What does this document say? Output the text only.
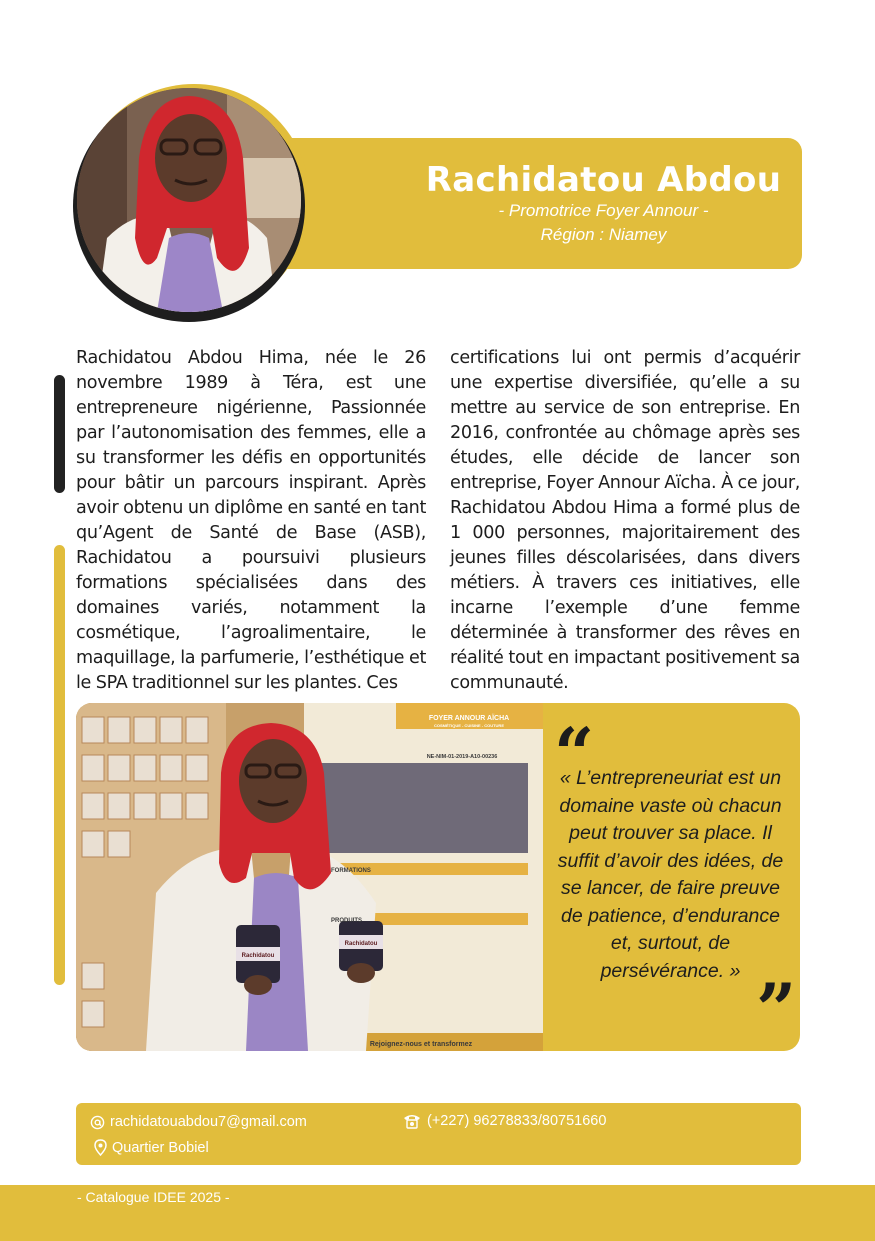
Rachidatou Abdou
- Promotrice Foyer Annour -
Région : Niamey
Rachidatou Abdou Hima, née le 26 novembre 1989 à Téra, est une entrepreneure nigérienne, Passionnée par l’autonomisation des femmes, elle a su transformer les défis en opportunités pour bâtir un parcours inspirant. Après avoir obtenu un diplôme en santé en tant qu’Agent de Santé de Base (ASB), Rachidatou a poursuivi plusieurs formations spécialisées dans des domaines variés, notamment la cosmétique, l’agroalimentaire, le maquillage, la parfumerie, l’esthétique et le SPA traditionnel sur les plantes. Ces
certifications lui ont permis d’acquérir une expertise diversifiée, qu’elle a su mettre au service de son entreprise. En 2016, confrontée au chômage après ses études, elle décide de lancer son entreprise, Foyer Annour Aïcha. À ce jour, Rachidatou Abdou Hima a formé plus de 1 000 personnes, majoritairement des jeunes filles déscolarisées, dans divers métiers. À travers ces initiatives, elle incarne l’exemple d’une femme déterminée à transformer des rêves en réalité tout en impactant positivement sa communauté.
FOYER ANNOUR AÏCHA
COSMÉTIQUE - CUISINE - COUTURE
NE-NIM-01-2019-A10-00236
FORMATIONS
PRODUITS
Rachidatou
Rachidatou
Rejoignez-nous et transformez
“
« L’entrepreneuriat est un domaine vaste où chacun peut trouver sa place. Il suffit d’avoir des idées, de se lancer, de faire preuve de patience, d’endurance et, surtout, de persévérance. » ”
rachidatouabdou7@gmail.com	(+227) 96278833/80751660
Quartier Bobiel
- Catalogue IDEE 2025 -
